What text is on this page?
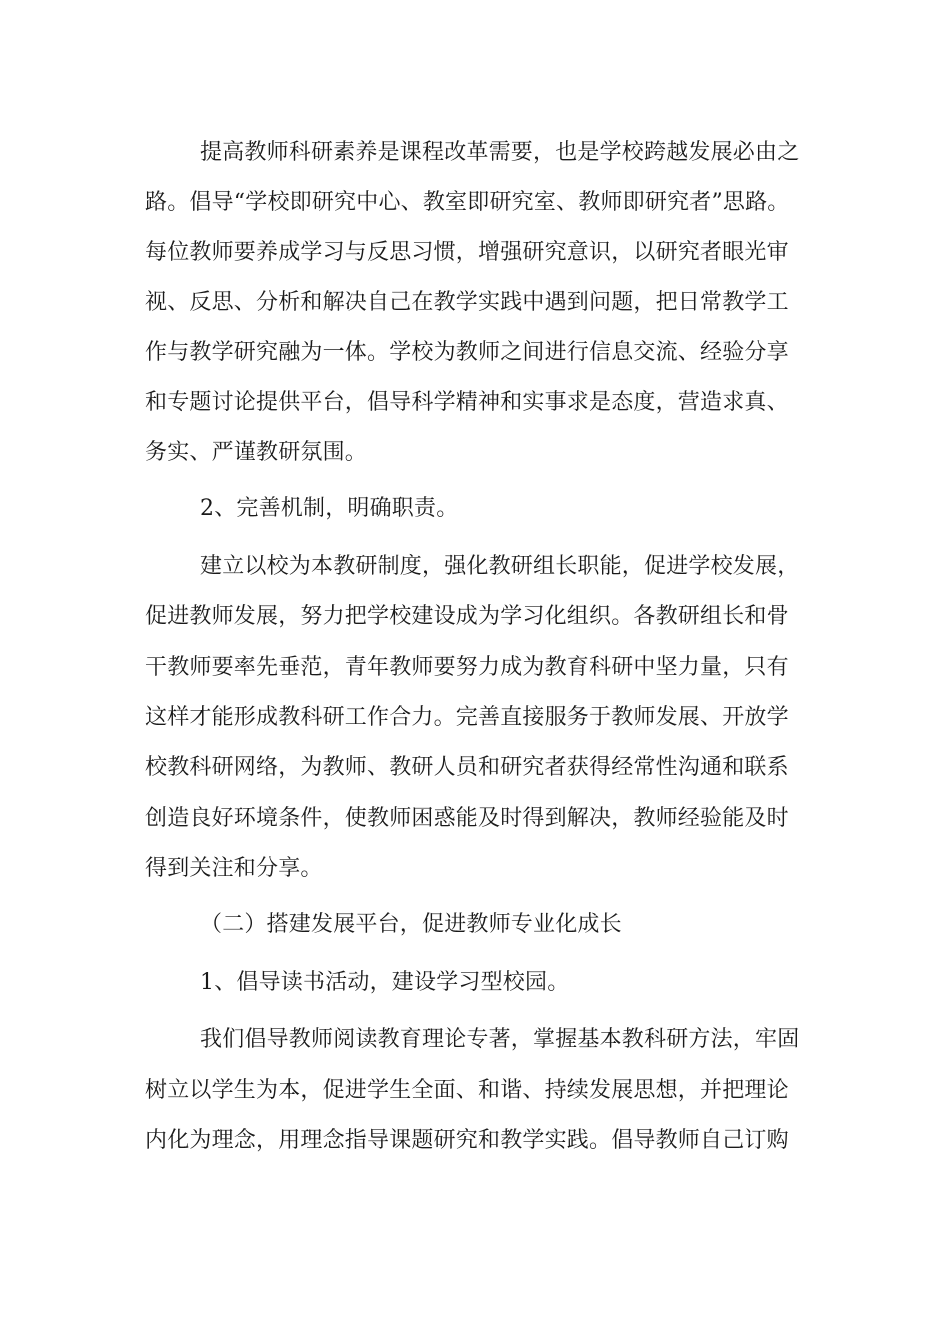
提高教师科研素养是课程改革需要，也是学校跨越发展必由之
路。倡导“学校即研究中心、教室即研究室、教师即研究者”思路。
每位教师要养成学习与反思习惯，增强研究意识，以研究者眼光审
视、反思、分析和解决自己在教学实践中遇到问题，把日常教学工
作与教学研究融为一体。学校为教师之间进行信息交流、经验分享
和专题讨论提供平台，倡导科学精神和实事求是态度，营造求真、
务实、严谨教研氛围。
2、完善机制，明确职责。
建立以校为本教研制度，强化教研组长职能，促进学校发展，
促进教师发展，努力把学校建设成为学习化组织。各教研组长和骨
干教师要率先垂范，青年教师要努力成为教育科研中坚力量，只有
这样才能形成教科研工作合力。完善直接服务于教师发展、开放学
校教科研网络，为教师、教研人员和研究者获得经常性沟通和联系
创造良好环境条件，使教师困惑能及时得到解决，教师经验能及时
得到关注和分享。
（二）搭建发展平台，促进教师专业化成长
1、倡导读书活动，建设学习型校园。
我们倡导教师阅读教育理论专著，掌握基本教科研方法，牢固
树立以学生为本，促进学生全面、和谐、持续发展思想，并把理论
内化为理念，用理念指导课题研究和教学实践。倡导教师自己订购
